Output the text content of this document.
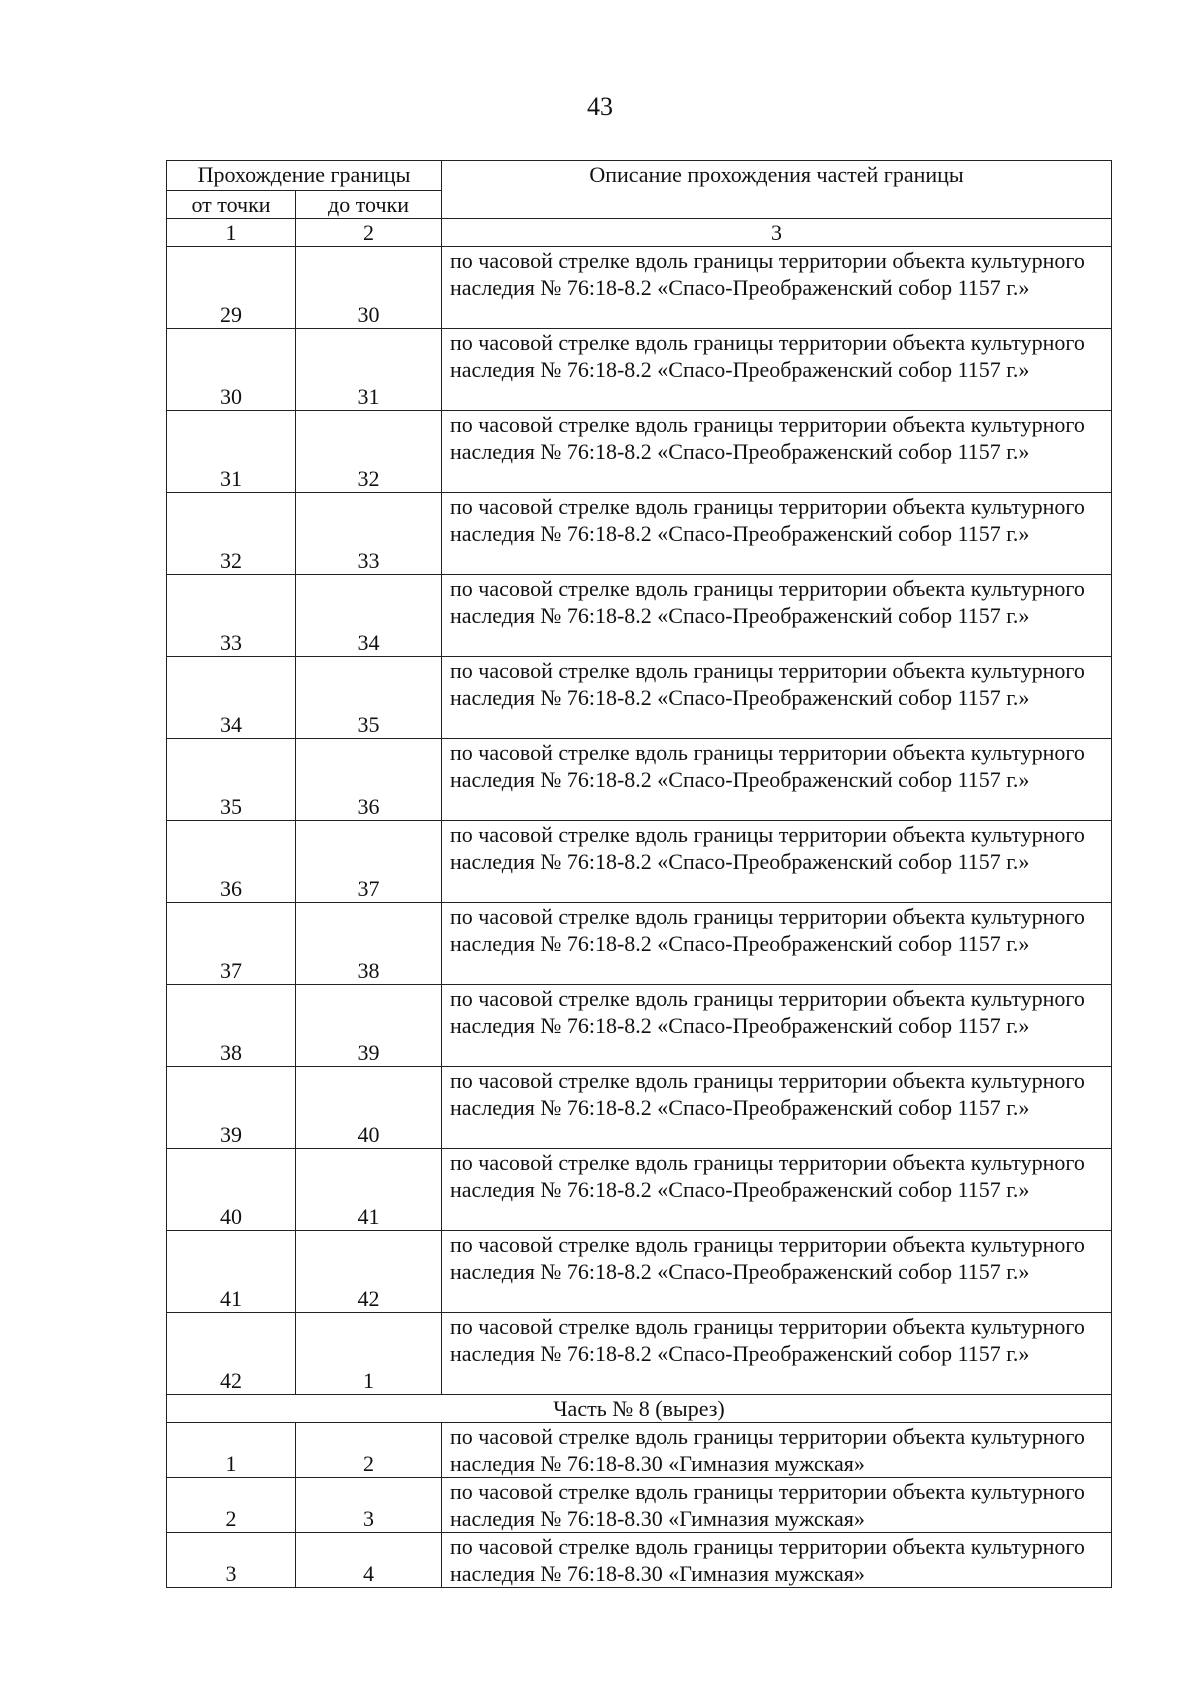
43
Прохождение границы		Описание прохождения частей границы
от точки	до точки	
1	2	3
29	30	по часовой стрелке вдоль границы территории объекта культурного наследия № 76:18-8.2 «Спасо-Преображенский собор 1157 г.»
30	31	по часовой стрелке вдоль границы территории объекта культурного наследия № 76:18-8.2 «Спасо-Преображенский собор 1157 г.»
31	32	по часовой стрелке вдоль границы территории объекта культурного наследия № 76:18-8.2 «Спасо-Преображенский собор 1157 г.»
32	33	по часовой стрелке вдоль границы территории объекта культурного наследия № 76:18-8.2 «Спасо-Преображенский собор 1157 г.»
33	34	по часовой стрелке вдоль границы территории объекта культурного наследия № 76:18-8.2 «Спасо-Преображенский собор 1157 г.»
34	35	по часовой стрелке вдоль границы территории объекта культурного наследия № 76:18-8.2 «Спасо-Преображенский собор 1157 г.»
35	36	по часовой стрелке вдоль границы территории объекта культурного наследия № 76:18-8.2 «Спасо-Преображенский собор 1157 г.»
36	37	по часовой стрелке вдоль границы территории объекта культурного наследия № 76:18-8.2 «Спасо-Преображенский собор 1157 г.»
37	38	по часовой стрелке вдоль границы территории объекта культурного наследия № 76:18-8.2 «Спасо-Преображенский собор 1157 г.»
38	39	по часовой стрелке вдоль границы территории объекта культурного наследия № 76:18-8.2 «Спасо-Преображенский собор 1157 г.»
39	40	по часовой стрелке вдоль границы территории объекта культурного наследия № 76:18-8.2 «Спасо-Преображенский собор 1157 г.»
40	41	по часовой стрелке вдоль границы территории объекта культурного наследия № 76:18-8.2 «Спасо-Преображенский собор 1157 г.»
41	42	по часовой стрелке вдоль границы территории объекта культурного наследия № 76:18-8.2 «Спасо-Преображенский собор 1157 г.»
42	1	по часовой стрелке вдоль границы территории объекта культурного наследия № 76:18-8.2 «Спасо-Преображенский собор 1157 г.»
Часть № 8 (вырез)		
1	2	по часовой стрелке вдоль границы территории объекта культурного наследия № 76:18-8.30 «Гимназия мужская»
2	3	по часовой стрелке вдоль границы территории объекта культурного наследия № 76:18-8.30 «Гимназия мужская»
3	4	по часовой стрелке вдоль границы территории объекта культурного наследия № 76:18-8.30 «Гимназия мужская»
